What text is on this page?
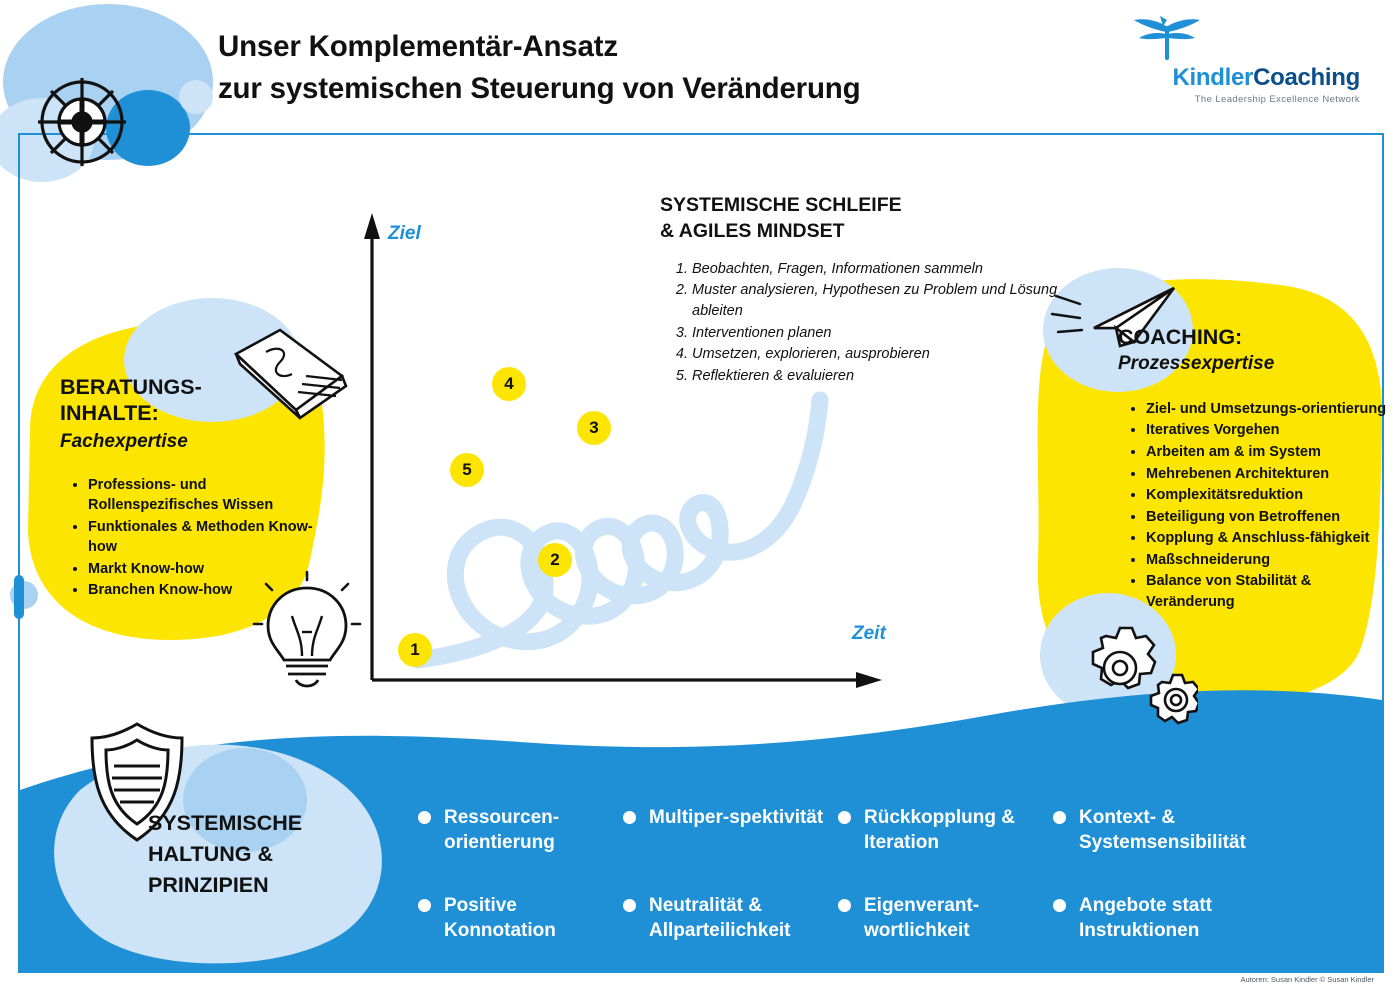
Unser Komplementär-Ansatz
zur systemischen Steuerung von Veränderung	KindlerCoaching
The Leadership Excellence Network
Ziel
Zeit
1
2
3
4
5
SYSTEMISCHE SCHLEIFE
& AGILES MINDSET
1. Beobachten, Fragen, Informationen sammeln
2. Muster analysieren, Hypothesen zu Problem und Lösung ableiten
3. Interventionen planen
4. Umsetzen, explorieren, ausprobieren
5. Reflektieren & evaluieren
BERATUNGS-
INHALTE:
Fachexpertise
• Professions- und Rollenspezifisches Wissen
• Funktionales & Methoden Know-how
• Markt Know-how
• Branchen Know-how
COACHING:
Prozessexpertise
• Ziel- und Umsetzungs-orientierung
• Iteratives Vorgehen
• Arbeiten am & im System
• Mehrebenen Architekturen
• Komplexitätsreduktion
• Beteiligung von Betroffenen
• Kopplung & Anschluss-fähigkeit
• Maßschneiderung
• Balance von Stabilität & Veränderung
SYSTEMISCHE
HALTUNG &
PRINZIPIEN
Ressourcen-orientierung
Multiper-spektivität	Rückkopplung & Iteration
Kontext- & Systemsensibilität
Positive Konnotation
Neutralität & Allparteilichkeit
Eigenverant-wortlichkeit
Angebote statt Instruktionen
Autoren: Susan Kindler © Susan Kindler
